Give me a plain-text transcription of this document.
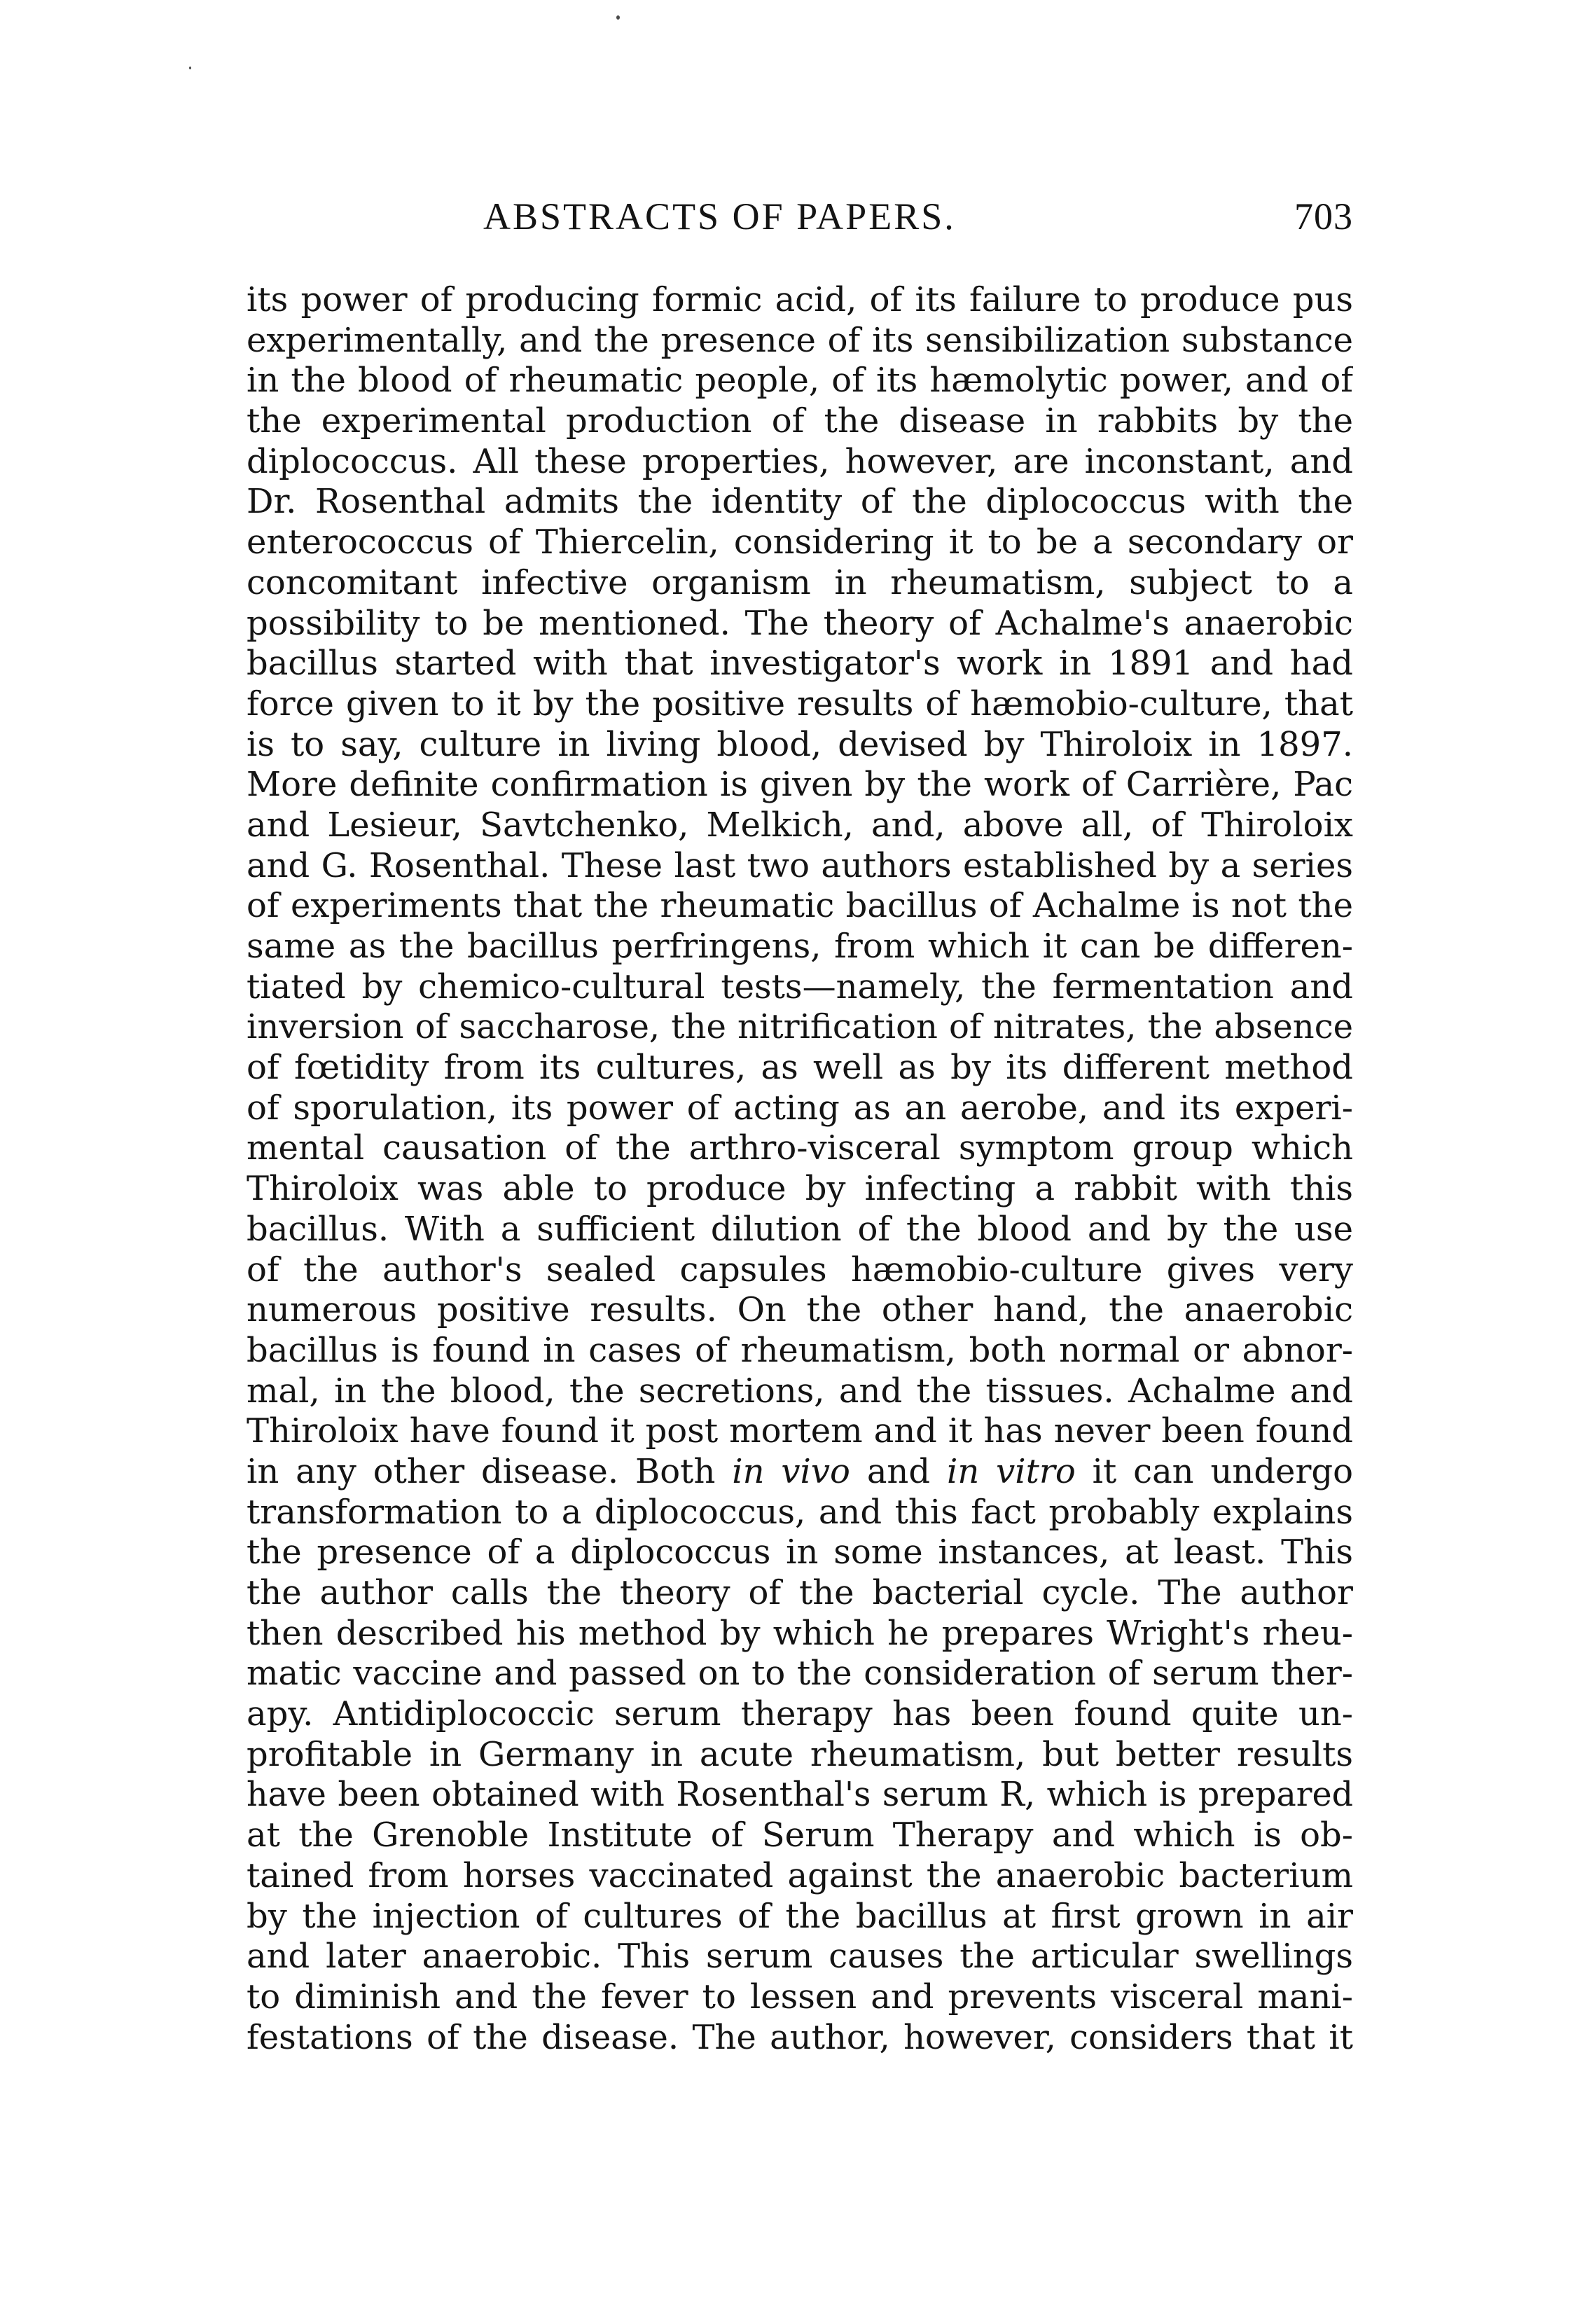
ABSTRACTS OF PAPERS.	703
its power of producing formic acid, of its failure to produce pus
experimentally, and the presence of its sensibilization substance
in the blood of rheumatic people, of its hæmolytic power, and of
the experimental production of the disease in rabbits by the
diplococcus. All these properties, however, are inconstant, and
Dr. Rosenthal admits the identity of the diplococcus with the
enterococcus of Thiercelin, considering it to be a secondary or
concomitant infective organism in rheumatism, subject to a
possibility to be mentioned. The theory of Achalme's anaerobic
bacillus started with that investigator's work in 1891 and had
force given to it by the positive results of hæmobio-culture, that
is to say, culture in living blood, devised by Thiroloix in 1897.
More definite confirmation is given by the work of Carrière, Pac
and Lesieur, Savtchenko, Melkich, and, above all, of Thiroloix
and G. Rosenthal. These last two authors established by a series
of experiments that the rheumatic bacillus of Achalme is not the
same as the bacillus perfringens, from which it can be differen-
tiated by chemico-cultural tests—namely, the fermentation and
inversion of saccharose, the nitrification of nitrates, the absence
of fœtidity from its cultures, as well as by its different method
of sporulation, its power of acting as an aerobe, and its experi-
mental causation of the arthro-visceral symptom group which
Thiroloix was able to produce by infecting a rabbit with this
bacillus. With a sufficient dilution of the blood and by the use
of the author's sealed capsules hæmobio-culture gives very
numerous positive results. On the other hand, the anaerobic
bacillus is found in cases of rheumatism, both normal or abnor-
mal, in the blood, the secretions, and the tissues. Achalme and
Thiroloix have found it post mortem and it has never been found
in any other disease. Both in vivo and in vitro it can undergo
transformation to a diplococcus, and this fact probably explains
the presence of a diplococcus in some instances, at least. This
the author calls the theory of the bacterial cycle. The author
then described his method by which he prepares Wright's rheu-
matic vaccine and passed on to the consideration of serum ther-
apy. Antidiplococcic serum therapy has been found quite un-
profitable in Germany in acute rheumatism, but better results
have been obtained with Rosenthal's serum R, which is prepared
at the Grenoble Institute of Serum Therapy and which is ob-
tained from horses vaccinated against the anaerobic bacterium
by the injection of cultures of the bacillus at first grown in air
and later anaerobic. This serum causes the articular swellings
to diminish and the fever to lessen and prevents visceral mani-
festations of the disease. The author, however, considers that it
